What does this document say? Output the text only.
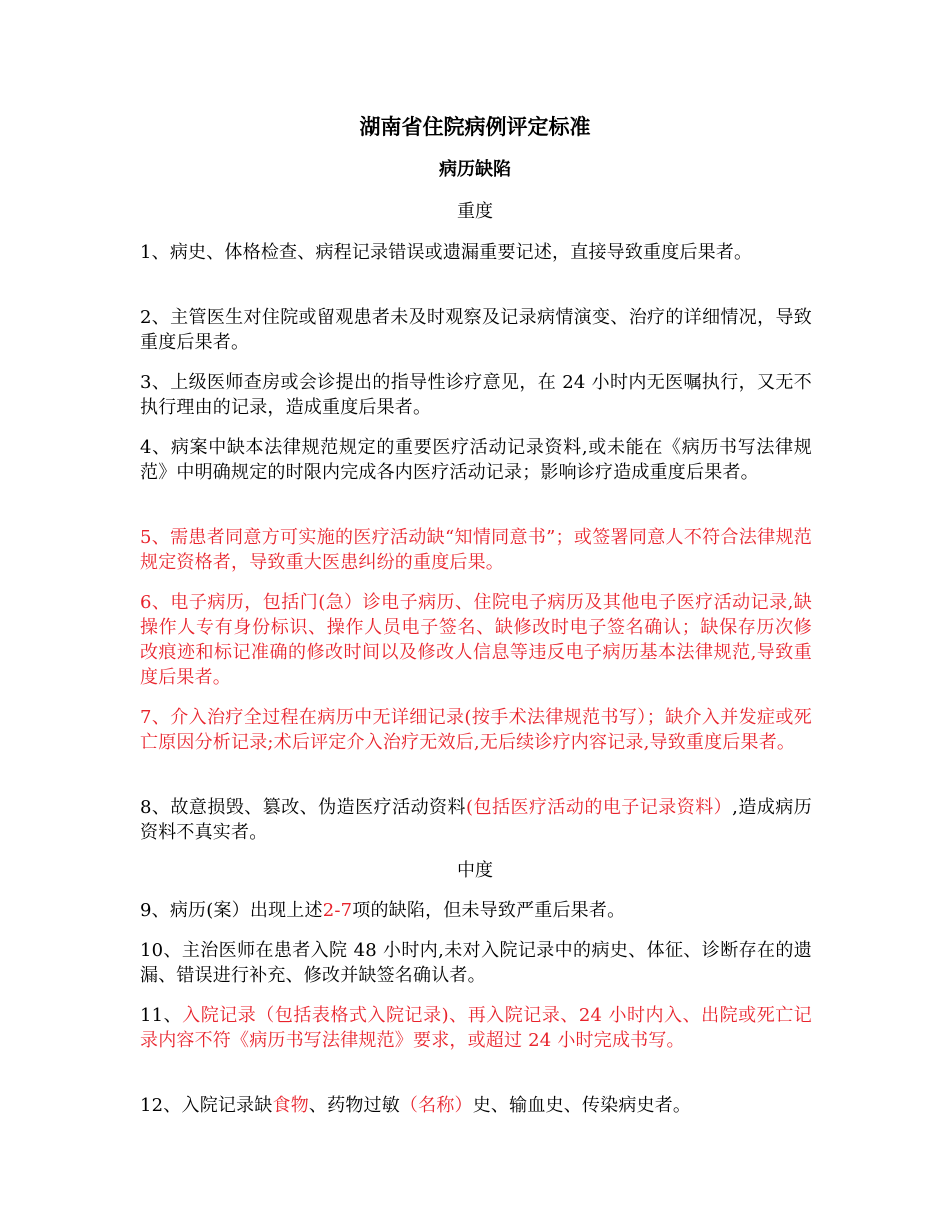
湖南省住院病例评定标准
病历缺陷
重度
1、病史、体格检查、病程记录错误或遗漏重要记述，直接导致重度后果者。
2、主管医生对住院或留观患者未及时观察及记录病情演变、治疗的详细情况，导致重度后果者。
3、上级医师查房或会诊提出的指导性诊疗意见，在 24 小时内无医嘱执行，又无不执行理由的记录，造成重度后果者。
4、病案中缺本法律规范规定的重要医疗活动记录资料,或未能在《病历书写法律规范》中明确规定的时限内完成各内医疗活动记录；影响诊疗造成重度后果者。
5、需患者同意方可实施的医疗活动缺“知情同意书”；或签署同意人不符合法律规范规定资格者，导致重大医患纠纷的重度后果。
6、电子病历，包括门(急）诊电子病历、住院电子病历及其他电子医疗活动记录,缺操作人专有身份标识、操作人员电子签名、缺修改时电子签名确认；缺保存历次修改痕迹和标记准确的修改时间以及修改人信息等违反电子病历基本法律规范,导致重度后果者。
7、介入治疗全过程在病历中无详细记录(按手术法律规范书写）；缺介入并发症或死亡原因分析记录;术后评定介入治疗无效后,无后续诊疗内容记录,导致重度后果者。
8、故意损毁、篡改、伪造医疗活动资料(包括医疗活动的电子记录资料）,造成病历资料不真实者。
中度
9、病历(案）出现上述2-7项的缺陷，但未导致严重后果者。
10、主治医师在患者入院 48 小时内,未对入院记录中的病史、体征、诊断存在的遗漏、错误进行补充、修改并缺签名确认者。
11、入院记录（包括表格式入院记录)、再入院记录、24 小时内入、出院或死亡记录内容不符《病历书写法律规范》要求，或超过 24 小时完成书写。
12、入院记录缺食物、药物过敏（名称）史、输血史、传染病史者。
